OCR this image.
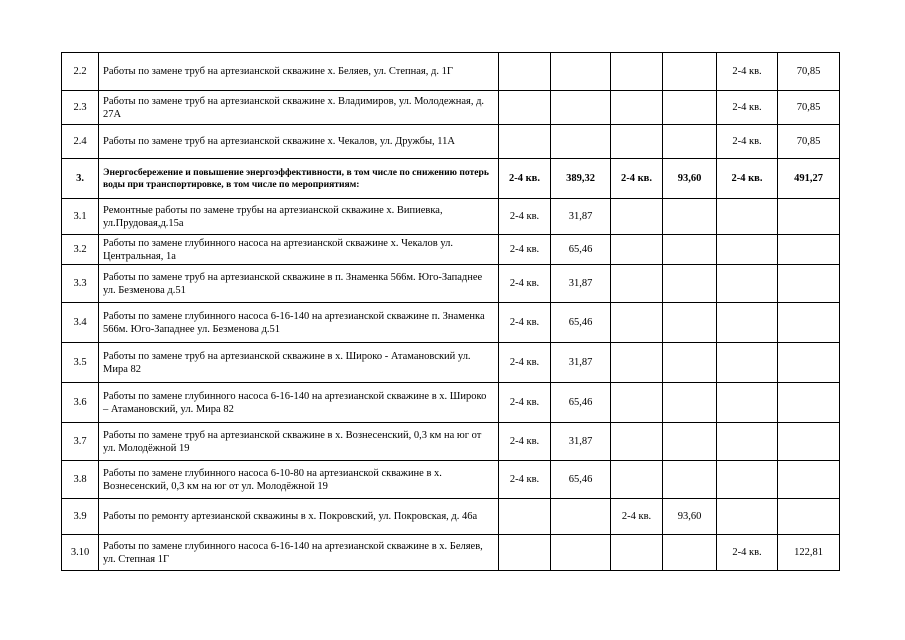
2.2	Работы по замене труб на артезианской скважине х. Беляев, ул. Степная, д. 1Г					2-4 кв.	70,85
2.3	Работы по замене труб на артезианской скважине х. Владимиров, ул. Молодежная, д. 27А					2-4 кв.	70,85
2.4	Работы по замене труб на артезианской скважине х. Чекалов, ул. Дружбы, 11А					2-4 кв.	70,85
3.	Энергосбережение и повышение энергоэффективности, в том числе по снижению потерь воды при транспортировке, в том числе по мероприятиям:	2-4 кв.	389,32	2-4 кв.	93,60	2-4 кв.	491,27
3.1	Ремонтные работы по замене трубы на артезианской скважине х. Випиевка, ул.Прудовая,д.15а	2-4 кв.	31,87				
3.2	Работы по замене глубинного насоса на артезианской скважине х. Чекалов ул. Центральная, 1а	2-4 кв.	65,46				
3.3	Работы по замене труб на артезианской скважине в п. Знаменка 566м. Юго-Западнее ул. Безменова д.51	2-4 кв.	31,87				
3.4	Работы по замене глубинного насоса 6-16-140 на артезианской скважине п. Знаменка 566м. Юго-Западнее ул. Безменова д.51	2-4 кв.	65,46				
3.5	Работы по замене труб на артезианской скважине в х. Широко - Атамановский ул. Мира 82	2-4 кв.	31,87				
3.6	Работы по замене глубинного насоса 6-16-140 на артезианской скважине в х. Широко – Атамановский, ул. Мира 82	2-4 кв.	65,46				
3.7	Работы по замене труб на артезианской скважине в х. Вознесенский, 0,3 км на юг от ул. Молодёжной 19	2-4 кв.	31,87				
3.8	Работы по замене глубинного насоса 6-10-80 на артезианской скважине в х. Вознесенский, 0,3 км на юг от ул. Молодёжной 19	2-4 кв.	65,46				
3.9	Работы по ремонту артезианской скважины в х. Покровский, ул. Покровская, д. 46а			2-4 кв.	93,60		
3.10	Работы по замене глубинного насоса 6-16-140 на артезианской скважине в х. Беляев, ул. Степная 1Г					2-4 кв.	122,81
